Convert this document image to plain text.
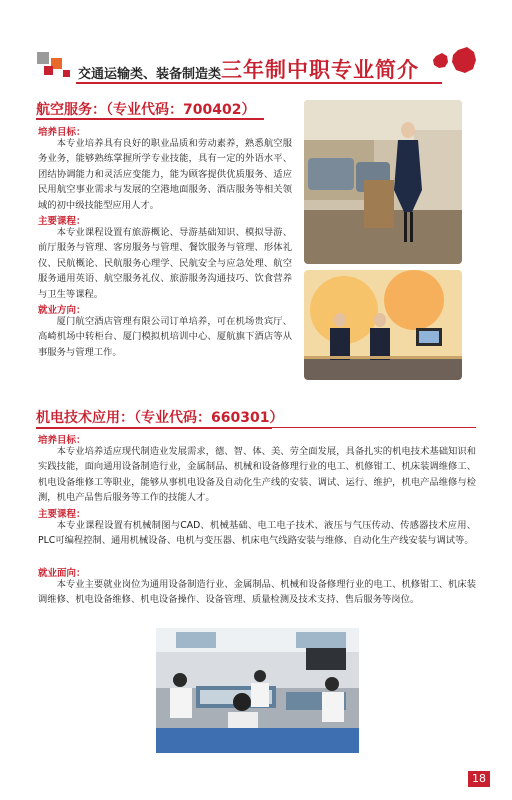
交通运输类、装备制造类 三年制中职专业简介
航空服务：（专业代码：700402）
培养目标：
本专业培养具有良好的职业品质和劳动素养，熟悉航空服务业务，能够熟练掌握所学专业技能，具有一定的外语水平、团结协调能力和灵活应变能力，能为顾客提供优质服务、适应民用航空事业需求与发展的空港地面服务、酒店服务等相关领域的初中级技能型应用人才。
主要课程：
本专业课程设置有旅游概论、导游基础知识、模拟导游、前厅服务与管理、客房服务与管理、餐饮服务与管理、形体礼仪、民航概论、民航服务心理学、民航安全与应急处理、航空服务通用英语、航空服务礼仪、旅游服务沟通技巧、饮食营养与卫生等课程。
就业方向：
厦门航空酒店管理有限公司订单培养，可在机场贵宾厅、高崎机场中转柜台、厦门模拟机培训中心、厦航旗下酒店等从事服务与管理工作。
机电技术应用：（专业代码：660301）
培养目标：
本专业培养适应现代制造业发展需求，德、智、体、美、劳全面发展，具备扎实的机电技术基础知识和实践技能，面向通用设备制造行业，金属制品、机械和设备修理行业的电工、机修钳工、机床装调维修工、机电设备维修工等职业，能够从事机电设备及自动化生产线的安装、调试、运行、维护，机电产品维修与检测，机电产品售后服务等工作的技能人才。
主要课程：
本专业课程设置有机械制图与CAD、机械基础、电工电子技术、液压与气压传动、传感器技术应用、PLC可编程控制、通用机械设备、电机与变压器、机床电气线路安装与维修、自动化生产线安装与调试等。
就业面向：
本专业主要就业岗位为通用设备制造行业、金属制品、机械和设备修理行业的电工、机修钳工、机床装调维修、机电设备维修、机电设备操作、设备管理、质量检测及技术支持、售后服务等岗位。
18
